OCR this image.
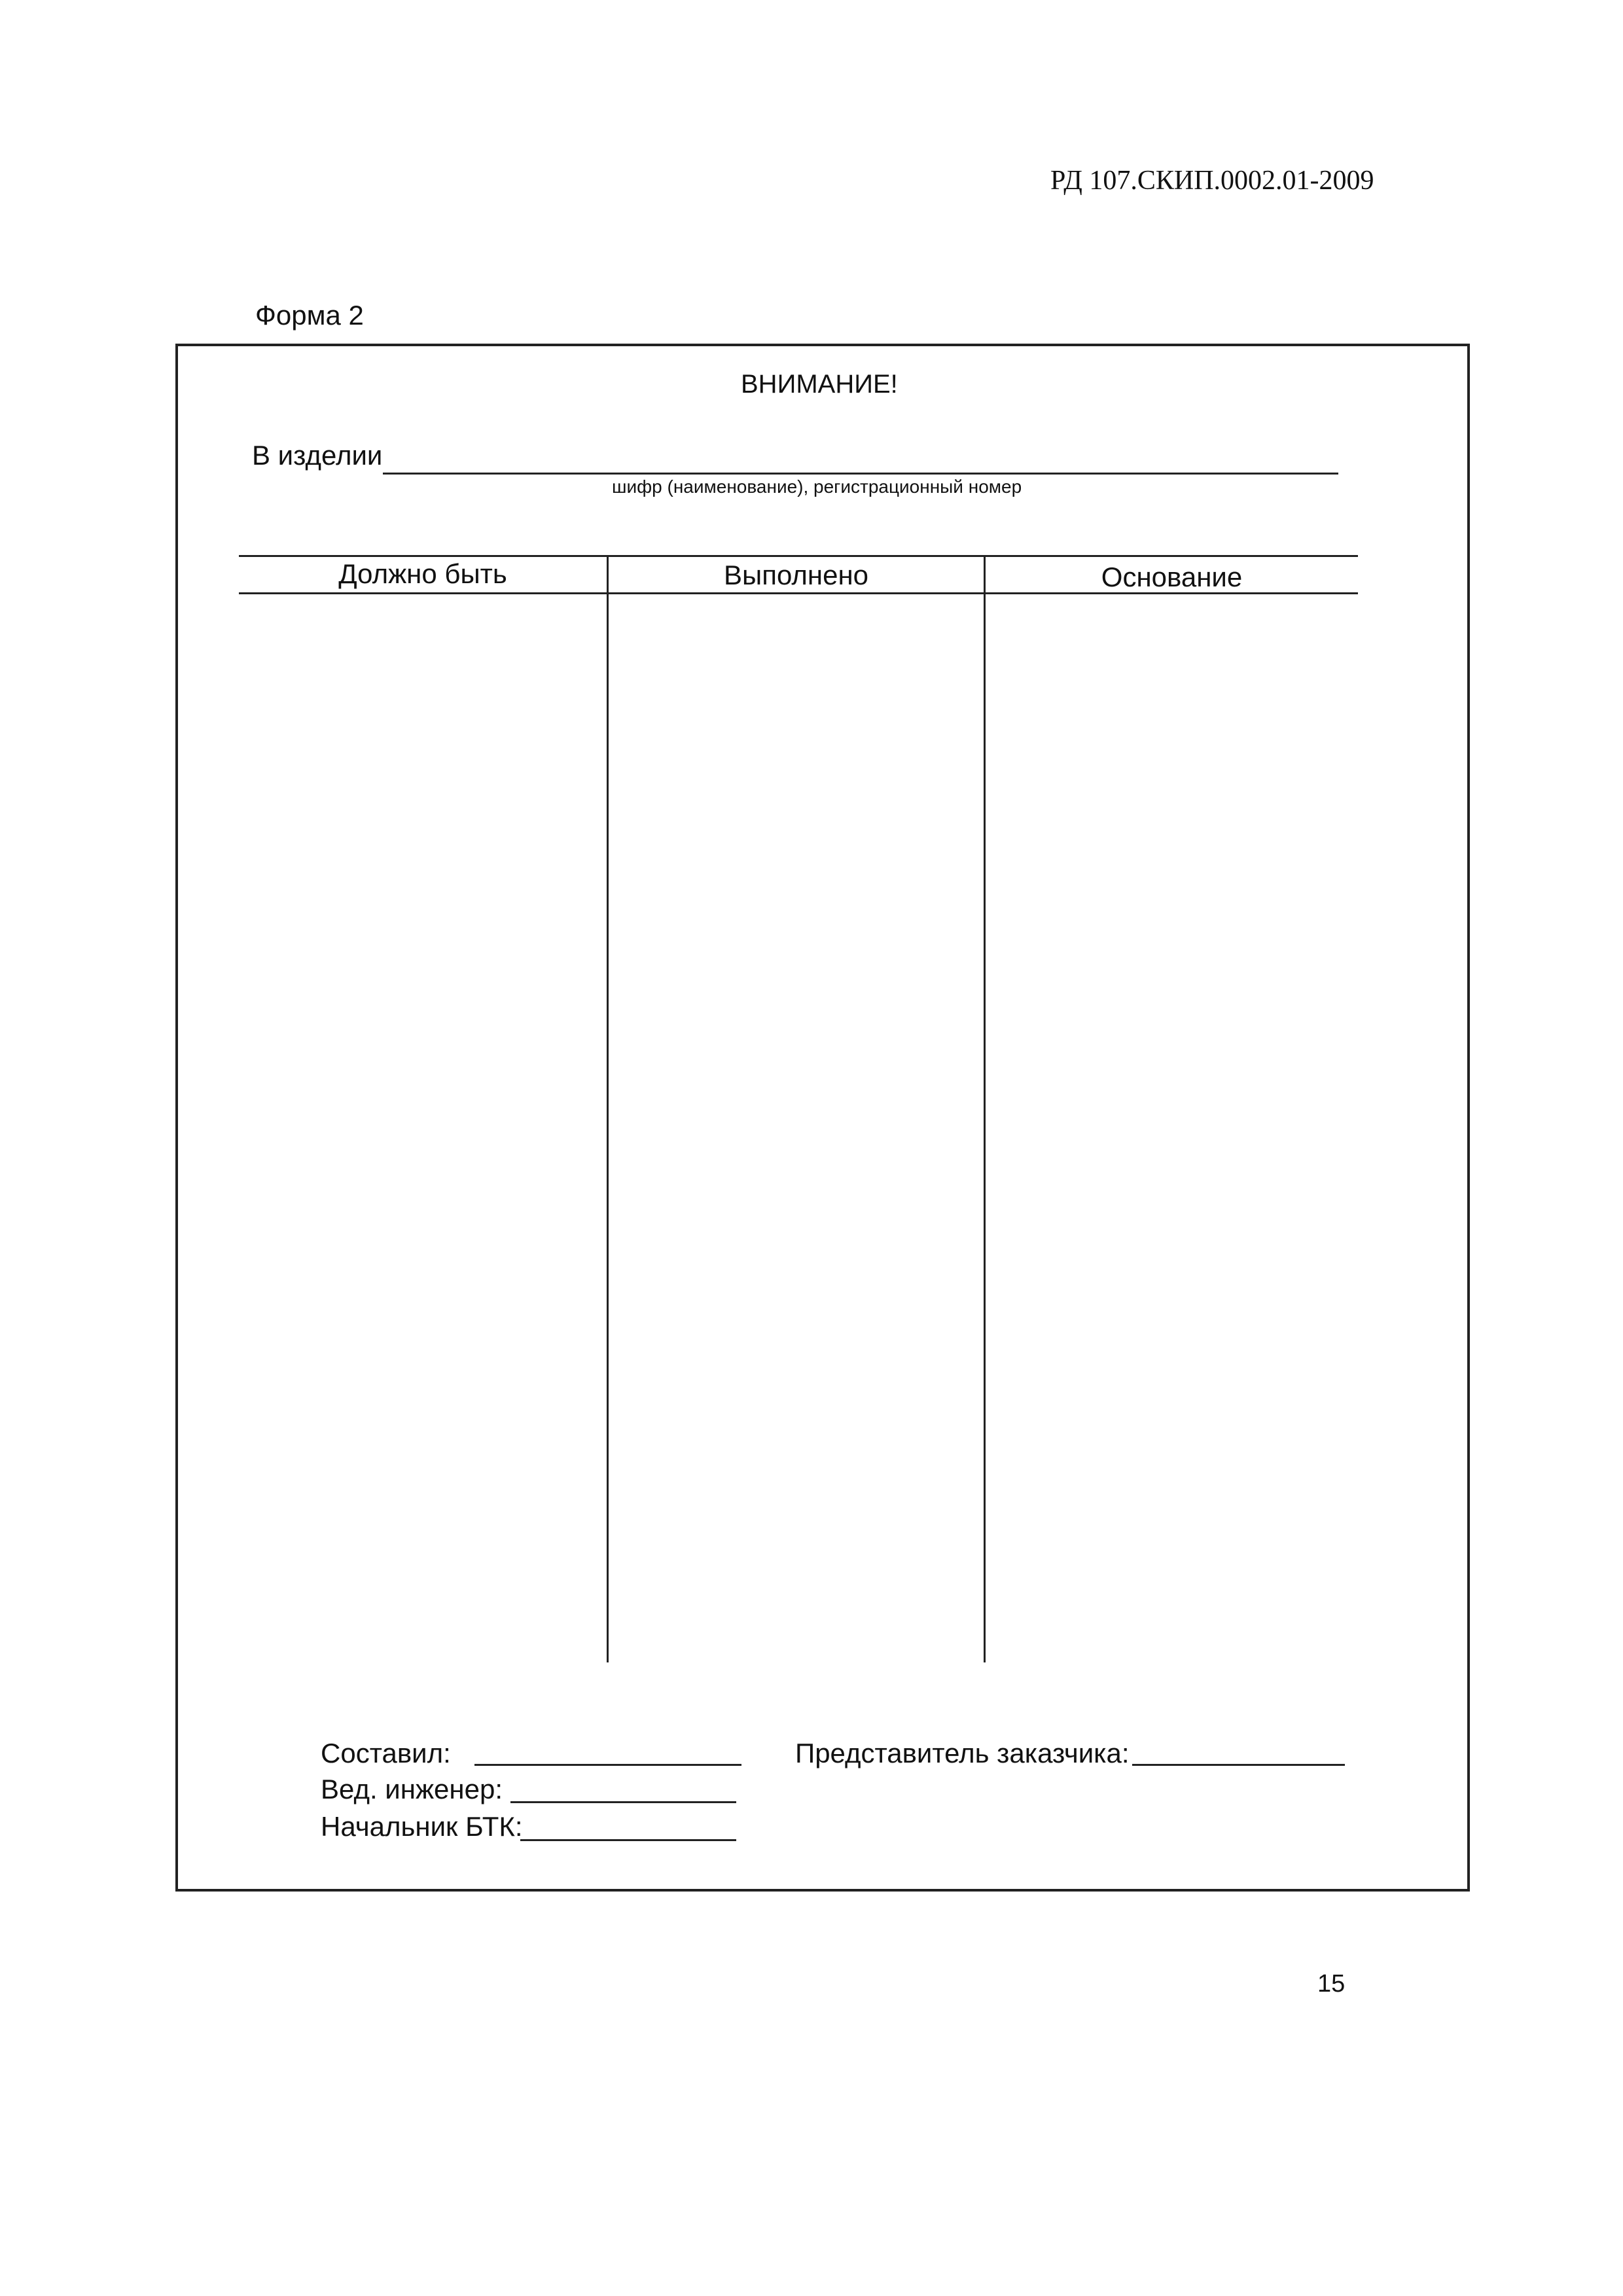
РД 107.СКИП.0002.01-2009
Форма 2
ВНИМАНИЕ!
В изделии
шифр (наименование), регистрационный номер
Должно быть	Выполнено	Основание
Составил:
Вед. инженер:
Начальник БТК:
Представитель заказчика:
15
